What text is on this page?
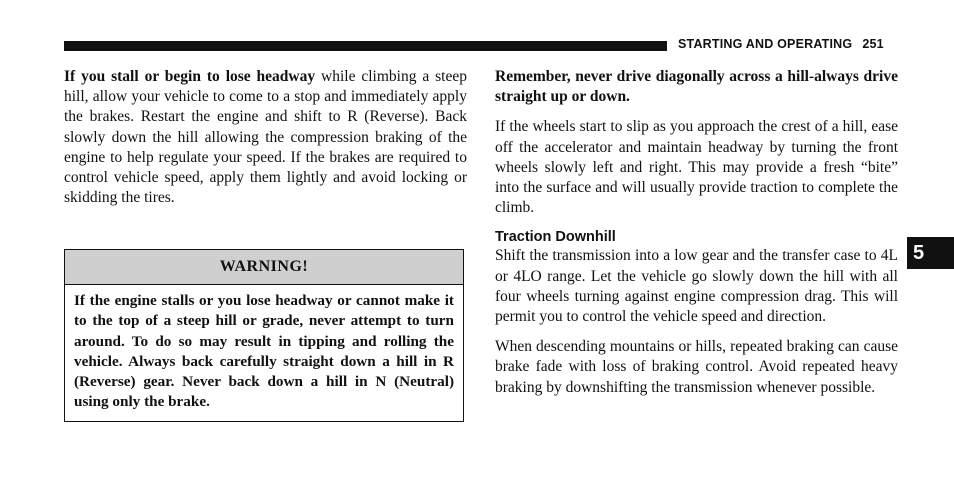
STARTING AND OPERATING 251

If you stall or begin to lose headway while climbing a steep hill, allow your vehicle to come to a stop and immediately apply the brakes. Restart the engine and shift to R (Reverse). Back slowly down the hill allowing the compression braking of the engine to help regulate your speed. If the brakes are required to control vehicle speed, apply them lightly and avoid locking or skidding the tires.

WARNING!
If the engine stalls or you lose headway or cannot make it to the top of a steep hill or grade, never attempt to turn around. To do so may result in tipping and rolling the vehicle. Always back carefully straight down a hill in R (Reverse) gear. Never back down a hill in N (Neutral) using only the brake.

Remember, never drive diagonally across a hill-always drive straight up or down.

If the wheels start to slip as you approach the crest of a hill, ease off the accelerator and maintain headway by turning the front wheels slowly left and right. This may provide a fresh “bite” into the surface and will usually provide traction to complete the climb.

Traction Downhill

Shift the transmission into a low gear and the transfer case to 4L or 4LO range. Let the vehicle go slowly down the hill with all four wheels turning against engine compression drag. This will permit you to control the vehicle speed and direction.

When descending mountains or hills, repeated braking can cause brake fade with loss of braking control. Avoid repeated heavy braking by downshifting the transmission whenever possible.

5
